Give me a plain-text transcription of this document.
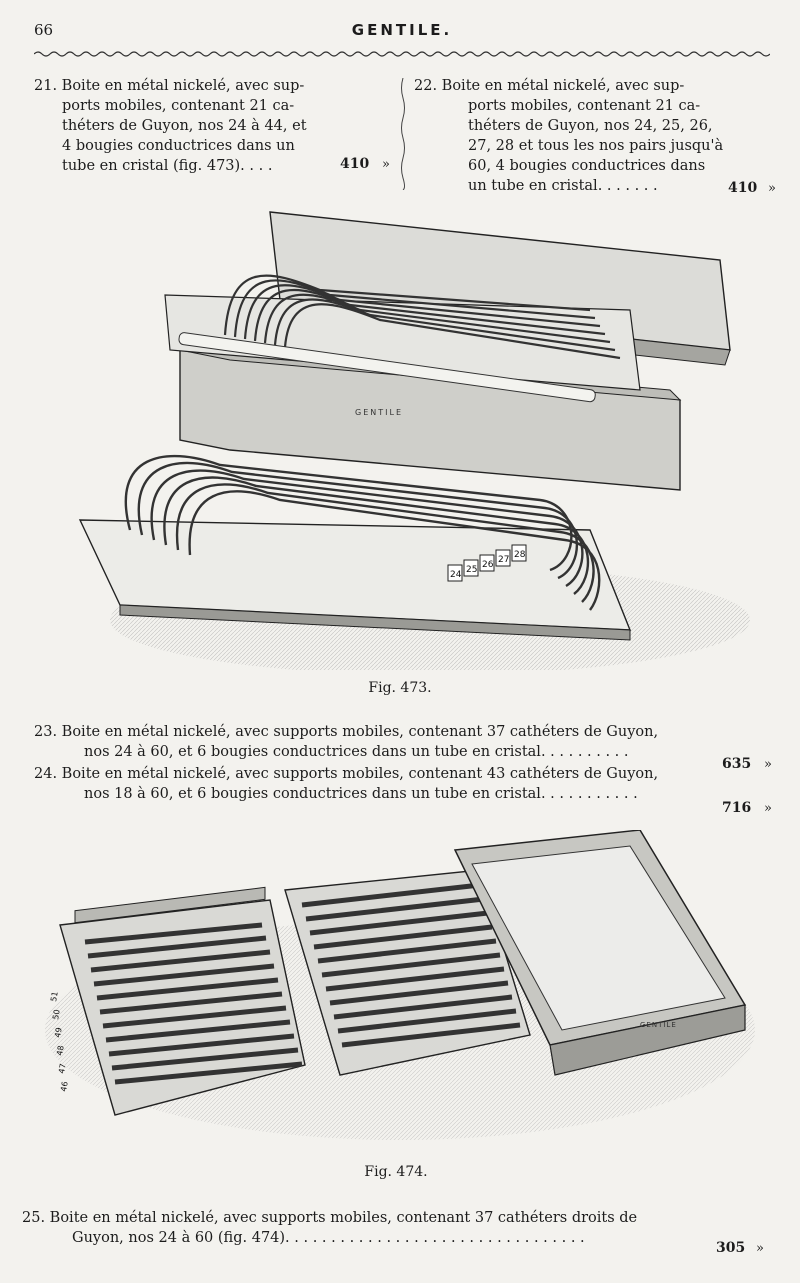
66	GENTILE.
21. Boite en métal nickelé, avec sup-
ports mobiles, contenant 21 ca-
théters de Guyon, nos 24 à 44, et
4 bougies conductrices dans un
tube en cristal (fig. 473). . . .	410 »
22. Boite en métal nickelé, avec sup-
ports mobiles, contenant 21 ca-
théters de Guyon, nos 24, 25, 26,
27, 28 et tous les nos pairs jusqu'à
60, 4 bougies conductrices dans
un tube en cristal. . . . . . .	410 »
GENTILE
24 25 26 27 28
Fig. 473.
23. Boite en métal nickelé, avec supports mobiles, contenant 37 cathéters de Guyon,
nos 24 à 60, et 6 bougies conductrices dans un tube en cristal. . . . . . . . . .
635 »
24. Boite en métal nickelé, avec supports mobiles, contenant 43 cathéters de Guyon,
nos 18 à 60, et 6 bougies conductrices dans un tube en cristal. . . . . . . . . . .
716 »
46
47
48
49
50
51
GENTILE
Fig. 474.
25. Boite en métal nickelé, avec supports mobiles, contenant 37 cathéters droits de
Guyon, nos 24 à 60 (fig. 474). . . . . . . . . . . . . . . . . . . . . . . . . . . . . . . . .
305 »
